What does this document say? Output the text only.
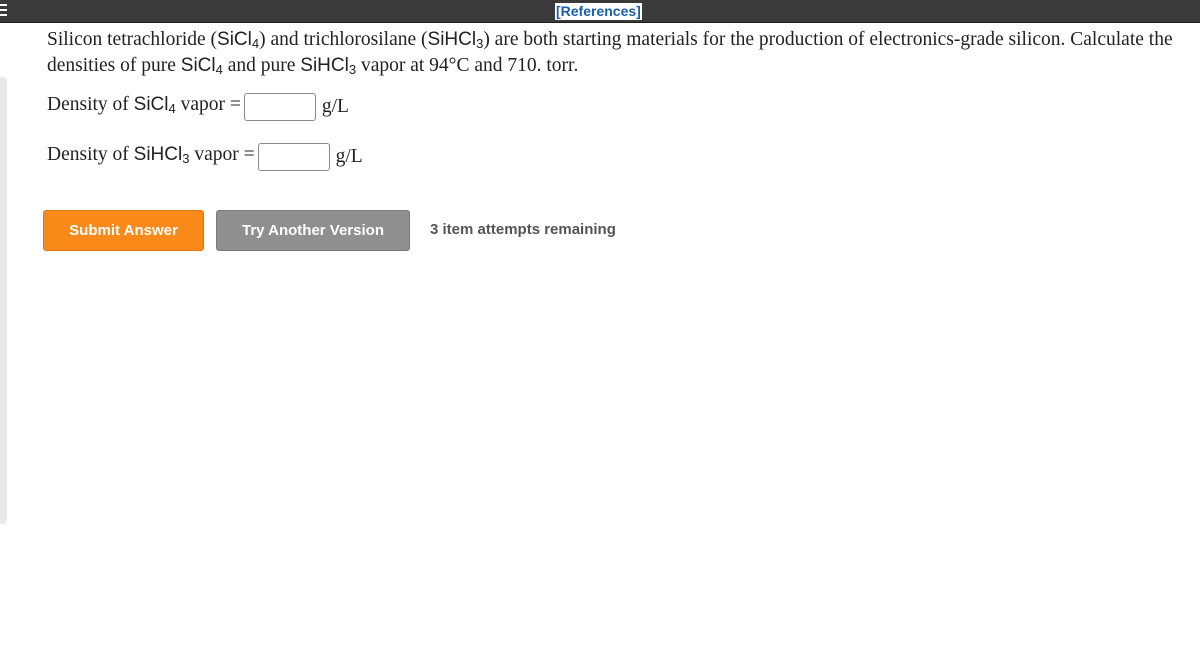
[References]
Silicon tetrachloride (SiCl$_4$) and trichlorosilane (SiHCl$_3$) are both starting materials for the production of electronics-grade silicon. Calculate the densities of pure SiCl$_4$ and pure SiHCl$_3$ vapor at 94°C and 710. torr.
Density of SiCl$_4$ vapor =	g/L
Density of SiHCl$_3$ vapor =	g/L
Submit Answer	Try Another Version	3 item attempts remaining
